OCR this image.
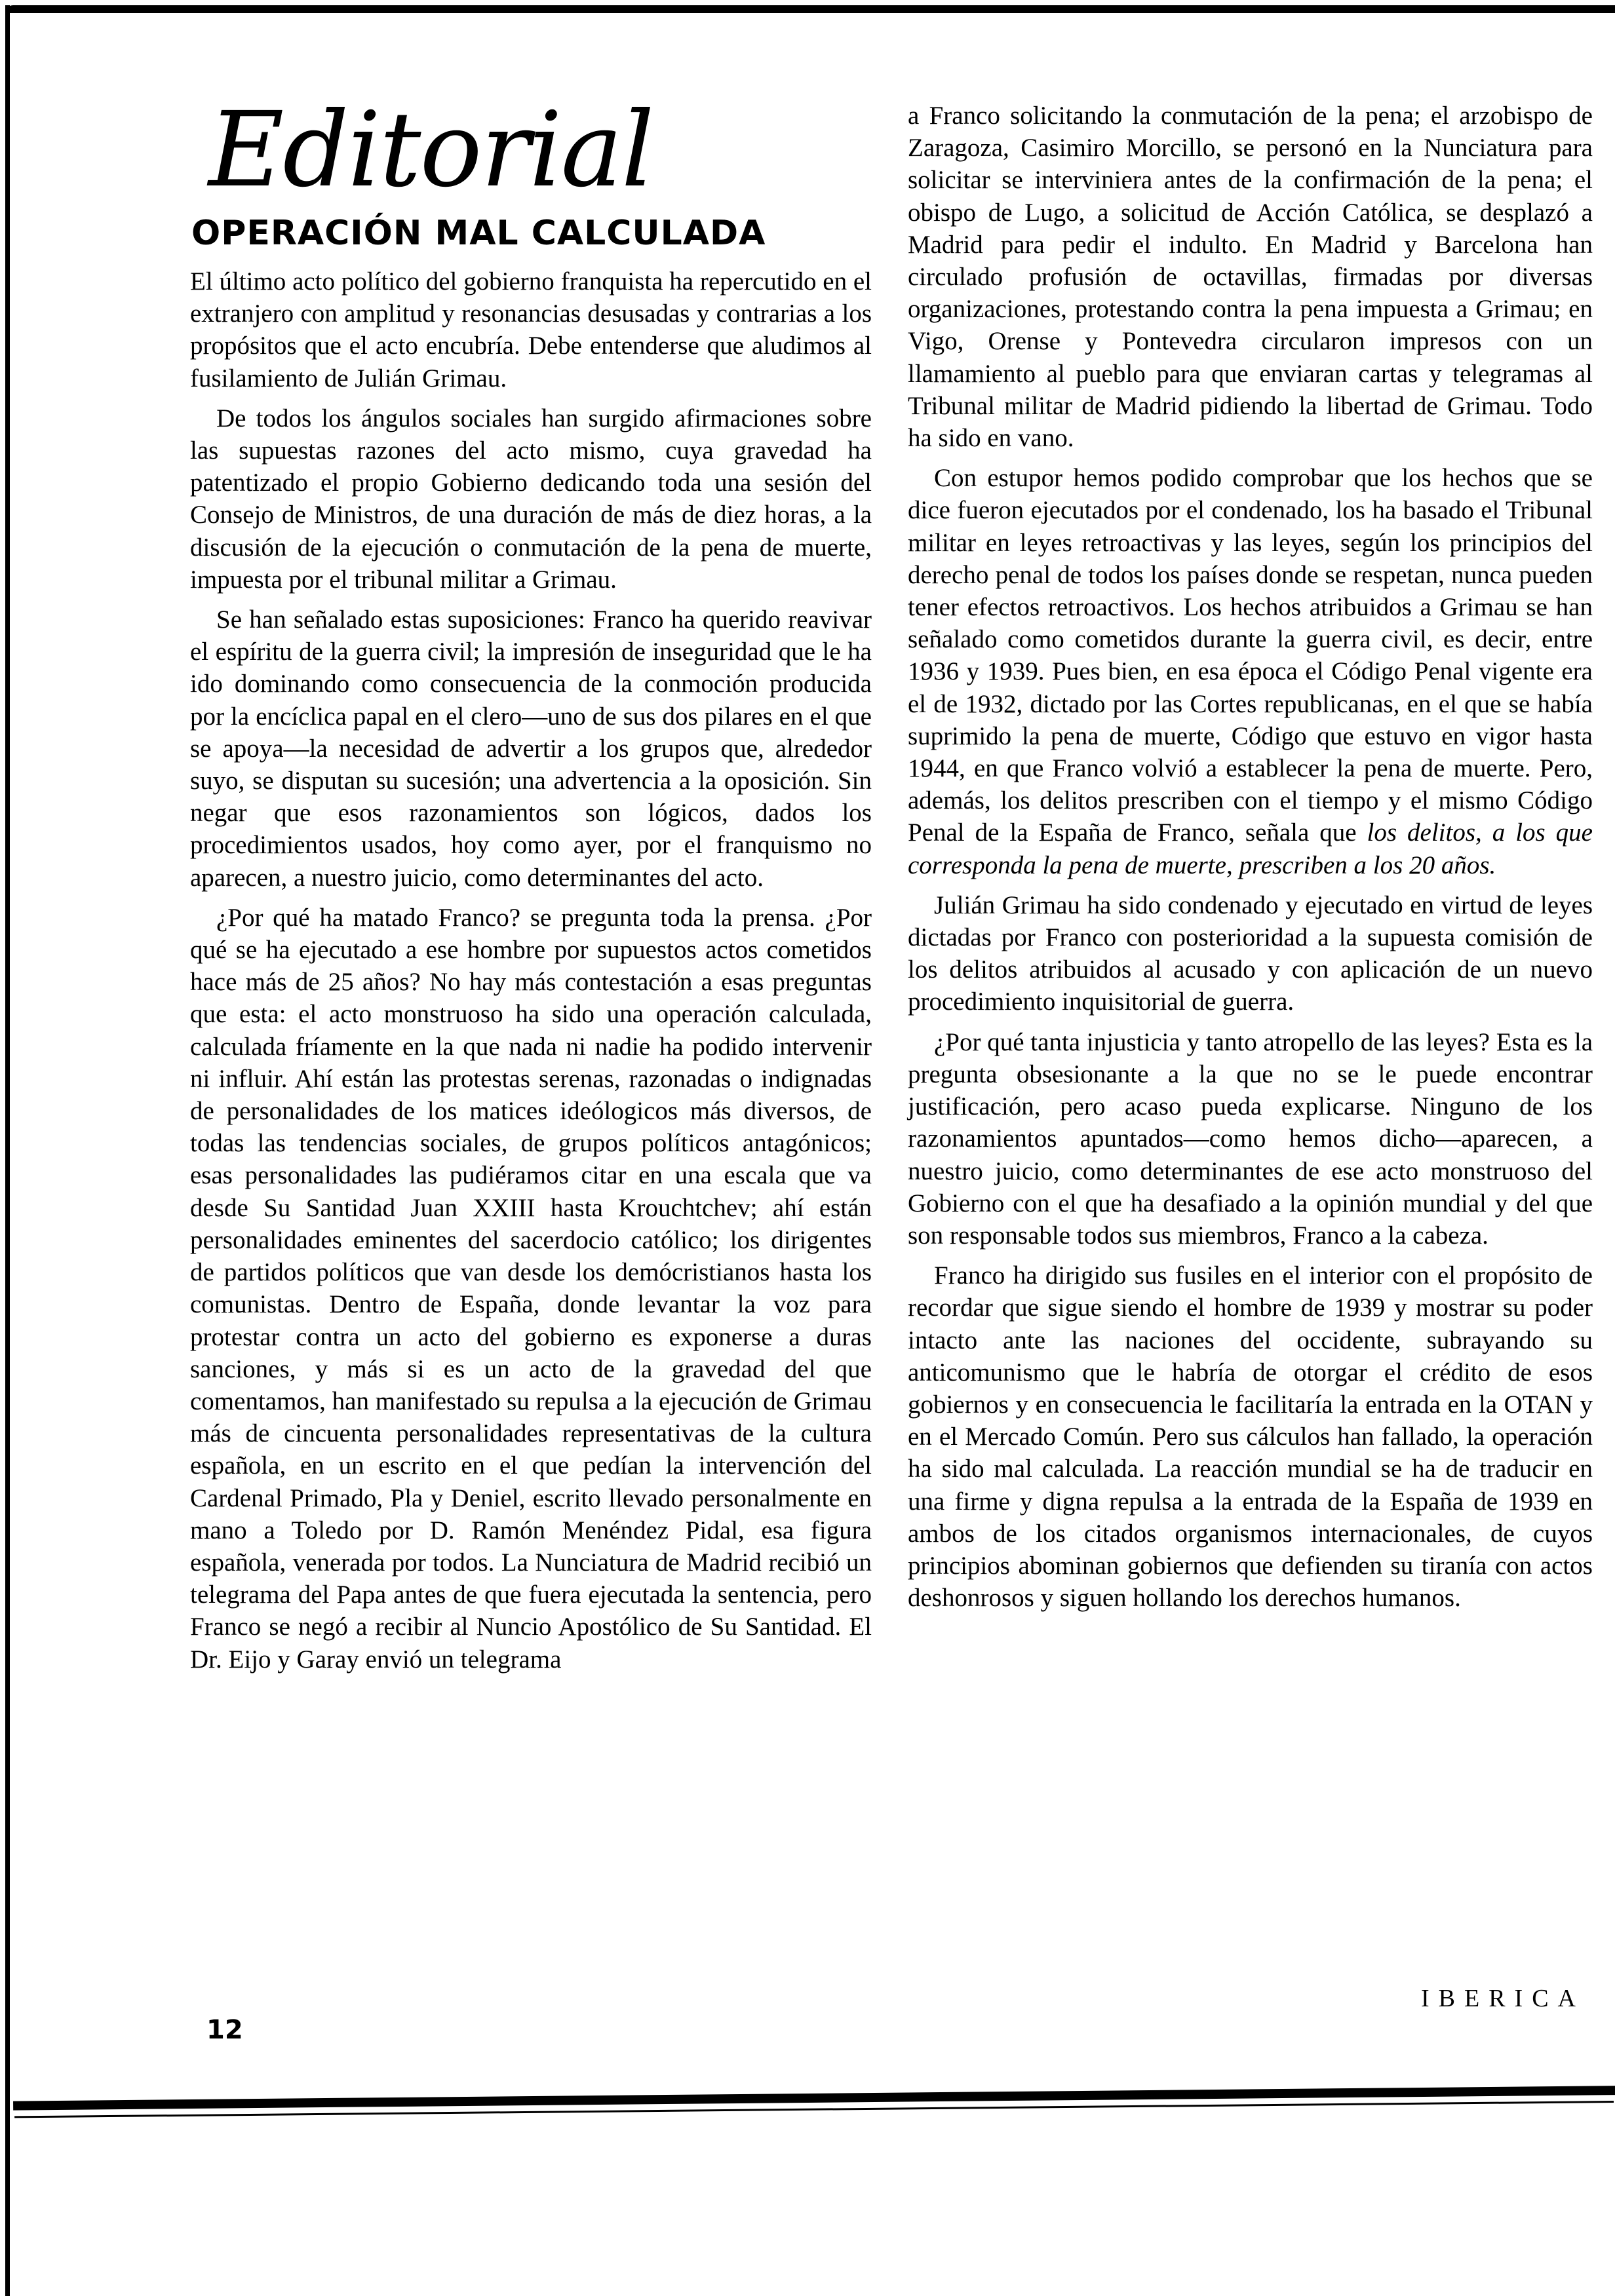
Editorial
OPERACIÓN MAL CALCULADA

El último acto político del gobierno franquista ha repercutido en el extranjero con amplitud y resonancias desusadas y contrarias a los propósitos que el acto encubría. Debe entenderse que aludimos al fusilamiento de Julián Grimau.

De todos los ángulos sociales han surgido afirmaciones sobre las supuestas razones del acto mismo, cuya gravedad ha patentizado el propio Gobierno dedicando toda una sesión del Consejo de Ministros, de una duración de más de diez horas, a la discusión de la ejecución o conmutación de la pena de muerte, impuesta por el tribunal militar a Grimau.

Se han señalado estas suposiciones: Franco ha querido reavivar el espíritu de la guerra civil; la impresión de inseguridad que le ha ido dominando como consecuencia de la conmoción producida por la encíclica papal en el clero—uno de sus dos pilares en el que se apoya—la necesidad de advertir a los grupos que, alrededor suyo, se disputan su sucesión; una advertencia a la oposición. Sin negar que esos razonamientos son lógicos, dados los procedimientos usados, hoy como ayer, por el franquismo no aparecen, a nuestro juicio, como determinantes del acto.

¿Por qué ha matado Franco? se pregunta toda la prensa. ¿Por qué se ha ejecutado a ese hombre por supuestos actos cometidos hace más de 25 años? No hay más contestación a esas preguntas que esta: el acto monstruoso ha sido una operación calculada, calculada fríamente en la que nada ni nadie ha podido intervenir ni influir. Ahí están las protestas serenas, razonadas o indignadas de personalidades de los matices ideólogicos más diversos, de todas las tendencias sociales, de grupos políticos antagónicos; esas personalidades las pudiéramos citar en una escala que va desde Su Santidad Juan XXIII hasta Krouchtchev; ahí están personalidades eminentes del sacerdocio católico; los dirigentes de partidos políticos que van desde los demócristianos hasta los comunistas. Dentro de España, donde levantar la voz para protestar contra un acto del gobierno es exponerse a duras sanciones, y más si es un acto de la gravedad del que comentamos, han manifestado su repulsa a la ejecución de Grimau más de cincuenta personalidades representativas de la cultura española, en un escrito en el que pedían la intervención del Cardenal Primado, Pla y Deniel, escrito llevado personalmente en mano a Toledo por D. Ramón Menéndez Pidal, esa figura española, venerada por todos. La Nunciatura de Madrid recibió un telegrama del Papa antes de que fuera ejecutada la sentencia, pero Franco se negó a recibir al Nuncio Apostólico de Su Santidad. El Dr. Eijo y Garay envió un telegrama

a Franco solicitando la conmutación de la pena; el arzobispo de Zaragoza, Casimiro Morcillo, se personó en la Nunciatura para solicitar se interviniera antes de la confirmación de la pena; el obispo de Lugo, a solicitud de Acción Católica, se desplazó a Madrid para pedir el indulto. En Madrid y Barcelona han circulado profusión de octavillas, firmadas por diversas organizaciones, protestando contra la pena impuesta a Grimau; en Vigo, Orense y Pontevedra circularon impresos con un llamamiento al pueblo para que enviaran cartas y telegramas al Tribunal militar de Madrid pidiendo la libertad de Grimau. Todo ha sido en vano.

Con estupor hemos podido comprobar que los hechos que se dice fueron ejecutados por el condenado, los ha basado el Tribunal militar en leyes retroactivas y las leyes, según los principios del derecho penal de todos los países donde se respetan, nunca pueden tener efectos retroactivos. Los hechos atribuidos a Grimau se han señalado como cometidos durante la guerra civil, es decir, entre 1936 y 1939. Pues bien, en esa época el Código Penal vigente era el de 1932, dictado por las Cortes republicanas, en el que se había suprimido la pena de muerte, Código que estuvo en vigor hasta 1944, en que Franco volvió a establecer la pena de muerte. Pero, además, los delitos prescriben con el tiempo y el mismo Código Penal de la España de Franco, señala que los delitos, a los que corresponda la pena de muerte, prescriben a los 20 años.

Julián Grimau ha sido condenado y ejecutado en virtud de leyes dictadas por Franco con posterioridad a la supuesta comisión de los delitos atribuidos al acusado y con aplicación de un nuevo procedimiento inquisitorial de guerra.

¿Por qué tanta injusticia y tanto atropello de las leyes? Esta es la pregunta obsesionante a la que no se le puede encontrar justificación, pero acaso pueda explicarse. Ninguno de los razonamientos apuntados—como hemos dicho—aparecen, a nuestro juicio, como determinantes de ese acto monstruoso del Gobierno con el que ha desafiado a la opinión mundial y del que son responsable todos sus miembros, Franco a la cabeza.

Franco ha dirigido sus fusiles en el interior con el propósito de recordar que sigue siendo el hombre de 1939 y mostrar su poder intacto ante las naciones del occidente, subrayando su anticomunismo que le habría de otorgar el crédito de esos gobiernos y en consecuencia le facilitaría la entrada en la OTAN y en el Mercado Común. Pero sus cálculos han fallado, la operación ha sido mal calculada. La reacción mundial se ha de traducir en una firme y digna repulsa a la entrada de la España de 1939 en ambos de los citados organismos internacionales, de cuyos principios abominan gobiernos que defienden su tiranía con actos deshonrosos y siguen hollando los derechos humanos.

IBERICA
12
